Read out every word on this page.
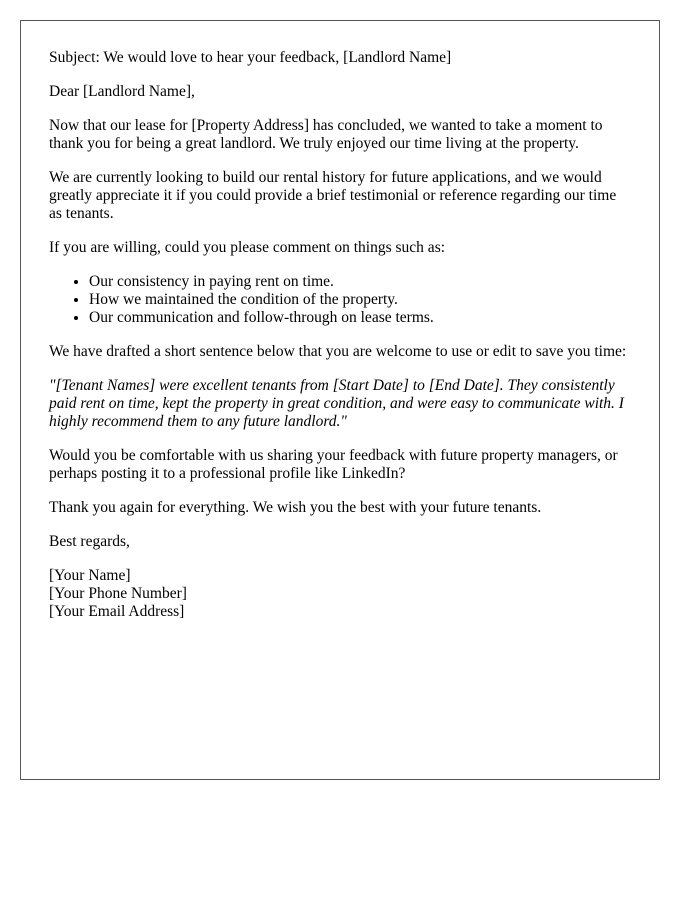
Subject: We would love to hear your feedback, [Landlord Name]

Dear [Landlord Name],

Now that our lease for [Property Address] has concluded, we wanted to take a moment to thank you for being a great landlord. We truly enjoyed our time living at the property.

We are currently looking to build our rental history for future applications, and we would greatly appreciate it if you could provide a brief testimonial or reference regarding our time as tenants.

If you are willing, could you please comment on things such as:

• Our consistency in paying rent on time.
• How we maintained the condition of the property.
• Our communication and follow-through on lease terms.

We have drafted a short sentence below that you are welcome to use or edit to save you time:

"[Tenant Names] were excellent tenants from [Start Date] to [End Date]. They consistently paid rent on time, kept the property in great condition, and were easy to communicate with. I highly recommend them to any future landlord."

Would you be comfortable with us sharing your feedback with future property managers, or perhaps posting it to a professional profile like LinkedIn?

Thank you again for everything. We wish you the best with your future tenants.

Best regards,

[Your Name]
[Your Phone Number]
[Your Email Address]
